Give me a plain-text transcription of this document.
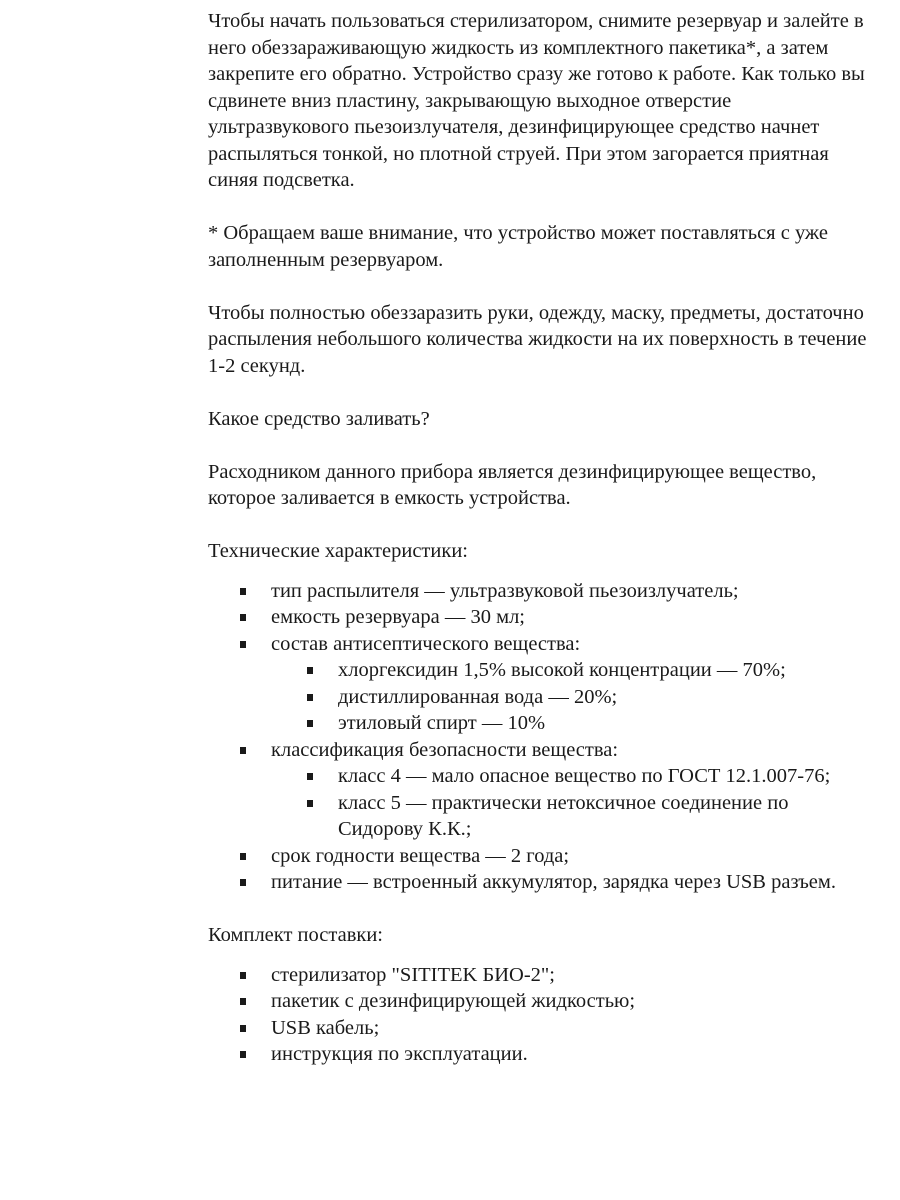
Чтобы начать пользоваться стерилизатором, снимите резервуар и залейте в него обеззараживающую жидкость из комплектного пакетика*, а затем закрепите его обратно. Устройство сразу же готово к работе. Как только вы сдвинете вниз пластину, закрывающую выходное отверстие ультразвукового пьезоизлучателя, дезинфицирующее средство начнет распыляться тонкой, но плотной струей. При этом загорается приятная синяя подсветка.

* Обращаем ваше внимание, что устройство может поставляться с уже заполненным резервуаром.

Чтобы полностью обеззаразить руки, одежду, маску, предметы, достаточно распыления небольшого количества жидкости на их поверхность в течение 1-2 секунд.

Какое средство заливать?

Расходником данного прибора является дезинфицирующее вещество, которое заливается в емкость устройства.

Технические характеристики:

тип распылителя — ультразвуковой пьезоизлучатель;
емкость резервуара — 30 мл;
состав антисептического вещества:
хлоргексидин 1,5% высокой концентрации — 70%;
дистиллированная вода — 20%;
этиловый спирт — 10%
классификация безопасности вещества:
класс 4 — мало опасное вещество по ГОСТ 12.1.007-76;
класс 5 — практически нетоксичное соединение по Сидорову К.К.;
срок годности вещества — 2 года;
питание — встроенный аккумулятор, зарядка через USB разъем.

Комплект поставки:

стерилизатор "SITITEK БИО-2";
пакетик с дезинфицирующей жидкостью;
USB кабель;
инструкция по эксплуатации.
